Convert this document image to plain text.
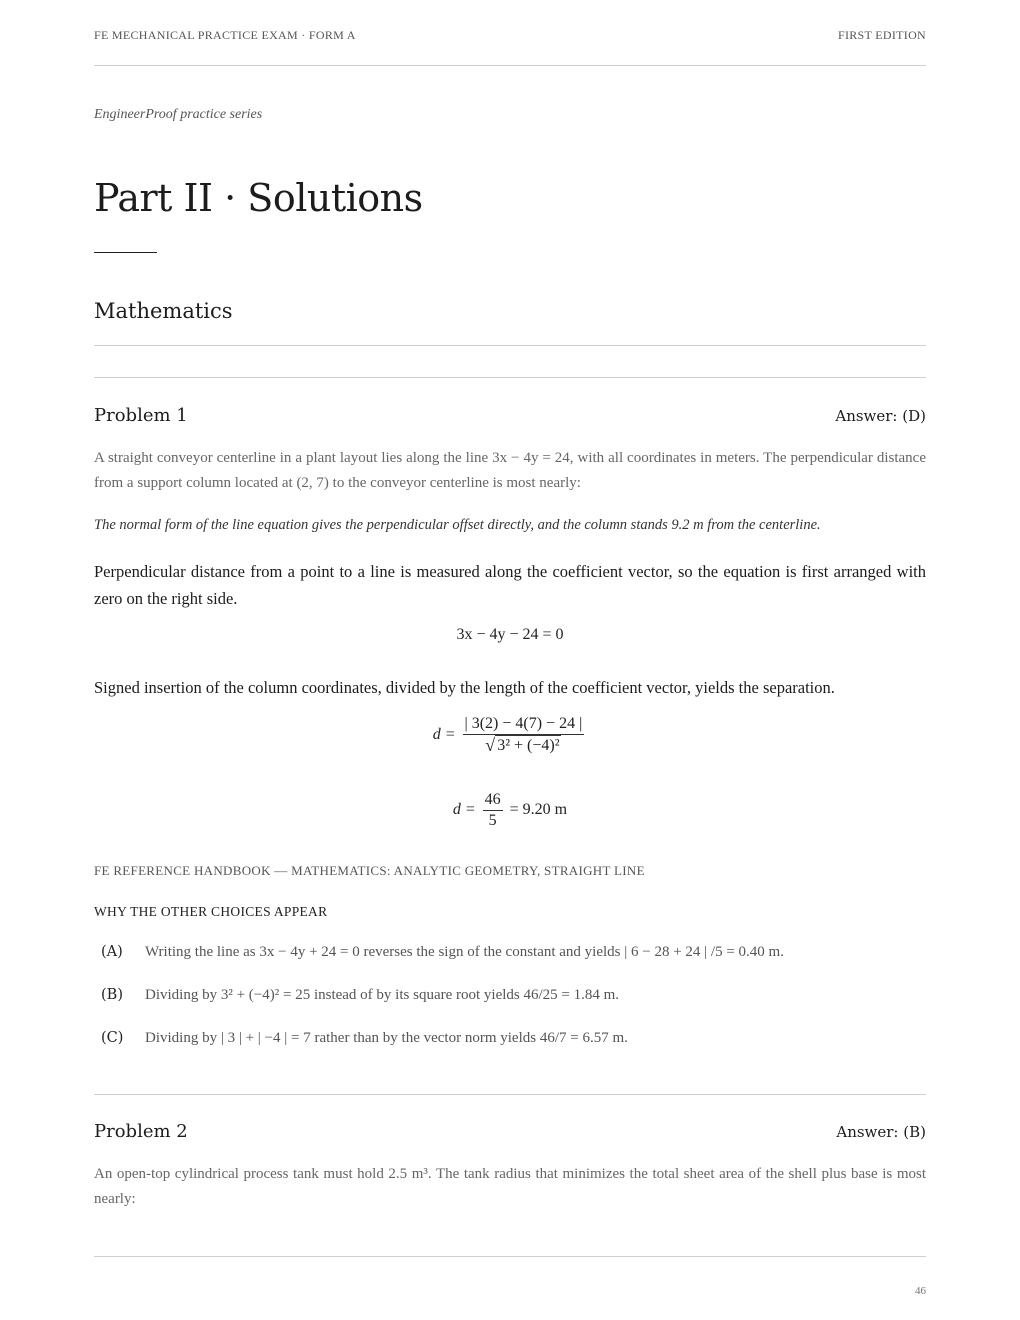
FE MECHANICAL PRACTICE EXAM · FORM A	FIRST EDITION
EngineerProof practice series
Part II · Solutions
Mathematics
Problem 1	Answer: (D)

A straight conveyor centerline in a plant layout lies along the line 3x − 4y = 24, with all coordinates in meters. The perpendicular distance from a support column located at (2, 7) to the conveyor centerline is most nearly:

The normal form of the line equation gives the perpendicular offset directly, and the column stands 9.2 m from the centerline.

Perpendicular distance from a point to a line is measured along the coefficient vector, so the equation is first arranged with zero on the right side.

3x − 4y − 24 = 0

Signed insertion of the column coordinates, divided by the length of the coefficient vector, yields the separation.

$d = \frac{| 3(2) - 4(7) - 24 |}{\text{√ 3² + (−4)²}}$
$d = \frac{46}{5} = 9.20$ m
FE REFERENCE HANDBOOK — MATHEMATICS: ANALYTIC GEOMETRY, STRAIGHT LINE
WHY THE OTHER CHOICES APPEAR
(A)	Writing the line as 3x − 4y + 24 = 0 reverses the sign of the constant and yields | 6 − 28 + 24 | /5 = 0.40 m.
(B)	Dividing by 3² + (−4)² = 25 instead of by its square root yields 46/25 = 1.84 m.
(C)	Dividing by | 3 | + | −4 | = 7 rather than by the vector norm yields 46/7 = 6.57 m.
Problem 2	Answer: (B)

An open-top cylindrical process tank must hold 2.5 m³. The tank radius that minimizes the total sheet area of the shell plus base is most nearly:

46
